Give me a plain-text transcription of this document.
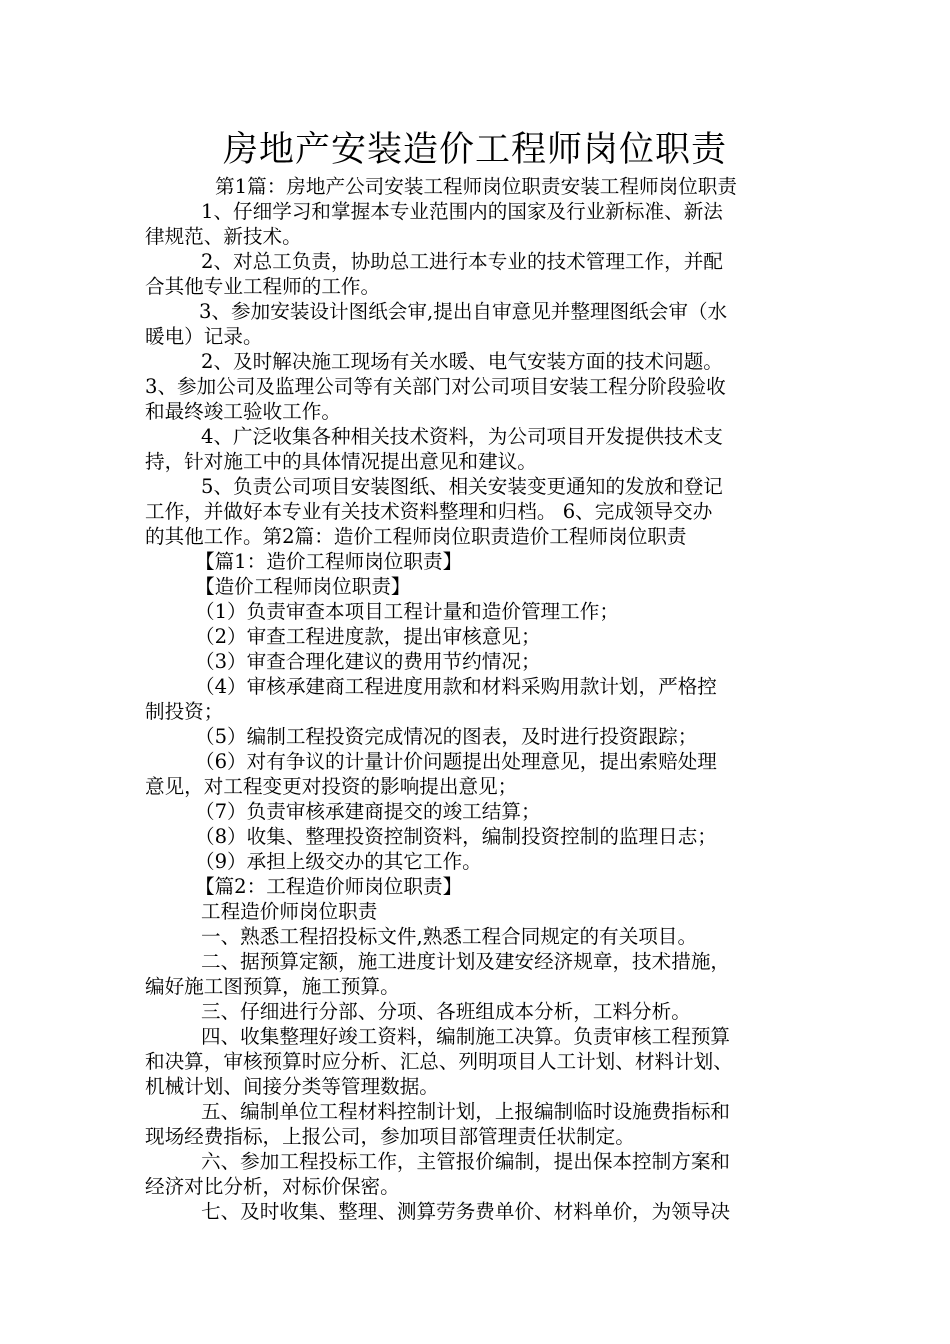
房地产安装造价工程师岗位职责
第1篇：房地产公司安装工程师岗位职责安装工程师岗位职责
1、仔细学习和掌握本专业范围内的国家及行业新标准、新法
律规范、新技术。
2、对总工负责，协助总工进行本专业的技术管理工作，并配
合其他专业工程师的工作。
3、参加安装设计图纸会审,提出自审意见并整理图纸会审（水
暖电）记录。
2、及时解决施工现场有关水暖、电气安装方面的技术问题。
3、参加公司及监理公司等有关部门对公司项目安装工程分阶段验收
和最终竣工验收工作。
4、广泛收集各种相关技术资料，为公司项目开发提供技术支
持，针对施工中的具体情况提出意见和建议。
5、负责公司项目安装图纸、相关安装变更通知的发放和登记
工作，并做好本专业有关技术资料整理和归档。 6、完成领导交办
的其他工作。第2篇：造价工程师岗位职责造价工程师岗位职责
【篇1：造价工程师岗位职责】
【造价工程师岗位职责】
（1）负责审查本项目工程计量和造价管理工作；
（2）审查工程进度款，提出审核意见；
（3）审查合理化建议的费用节约情况；
（4）审核承建商工程进度用款和材料采购用款计划，严格控
制投资；
（5）编制工程投资完成情况的图表，及时进行投资跟踪；
（6）对有争议的计量计价问题提出处理意见，提出索赔处理
意见，对工程变更对投资的影响提出意见；
（7）负责审核承建商提交的竣工结算；
（8）收集、整理投资控制资料，编制投资控制的监理日志；
（9）承担上级交办的其它工作。
【篇2：工程造价师岗位职责】
工程造价师岗位职责
一、熟悉工程招投标文件,熟悉工程合同规定的有关项目。
二、据预算定额，施工进度计划及建安经济规章，技术措施，
编好施工图预算，施工预算。
三、仔细进行分部、分项、各班组成本分析，工料分析。
四、收集整理好竣工资料，编制施工决算。负责审核工程预算
和决算，审核预算时应分析、汇总、列明项目人工计划、材料计划、
机械计划、间接分类等管理数据。
五、编制单位工程材料控制计划，上报编制临时设施费指标和
现场经费指标，上报公司，参加项目部管理责任状制定。
六、参加工程投标工作，主管报价编制，提出保本控制方案和
经济对比分析，对标价保密。
七、及时收集、整理、测算劳务费单价、材料单价，为领导决
